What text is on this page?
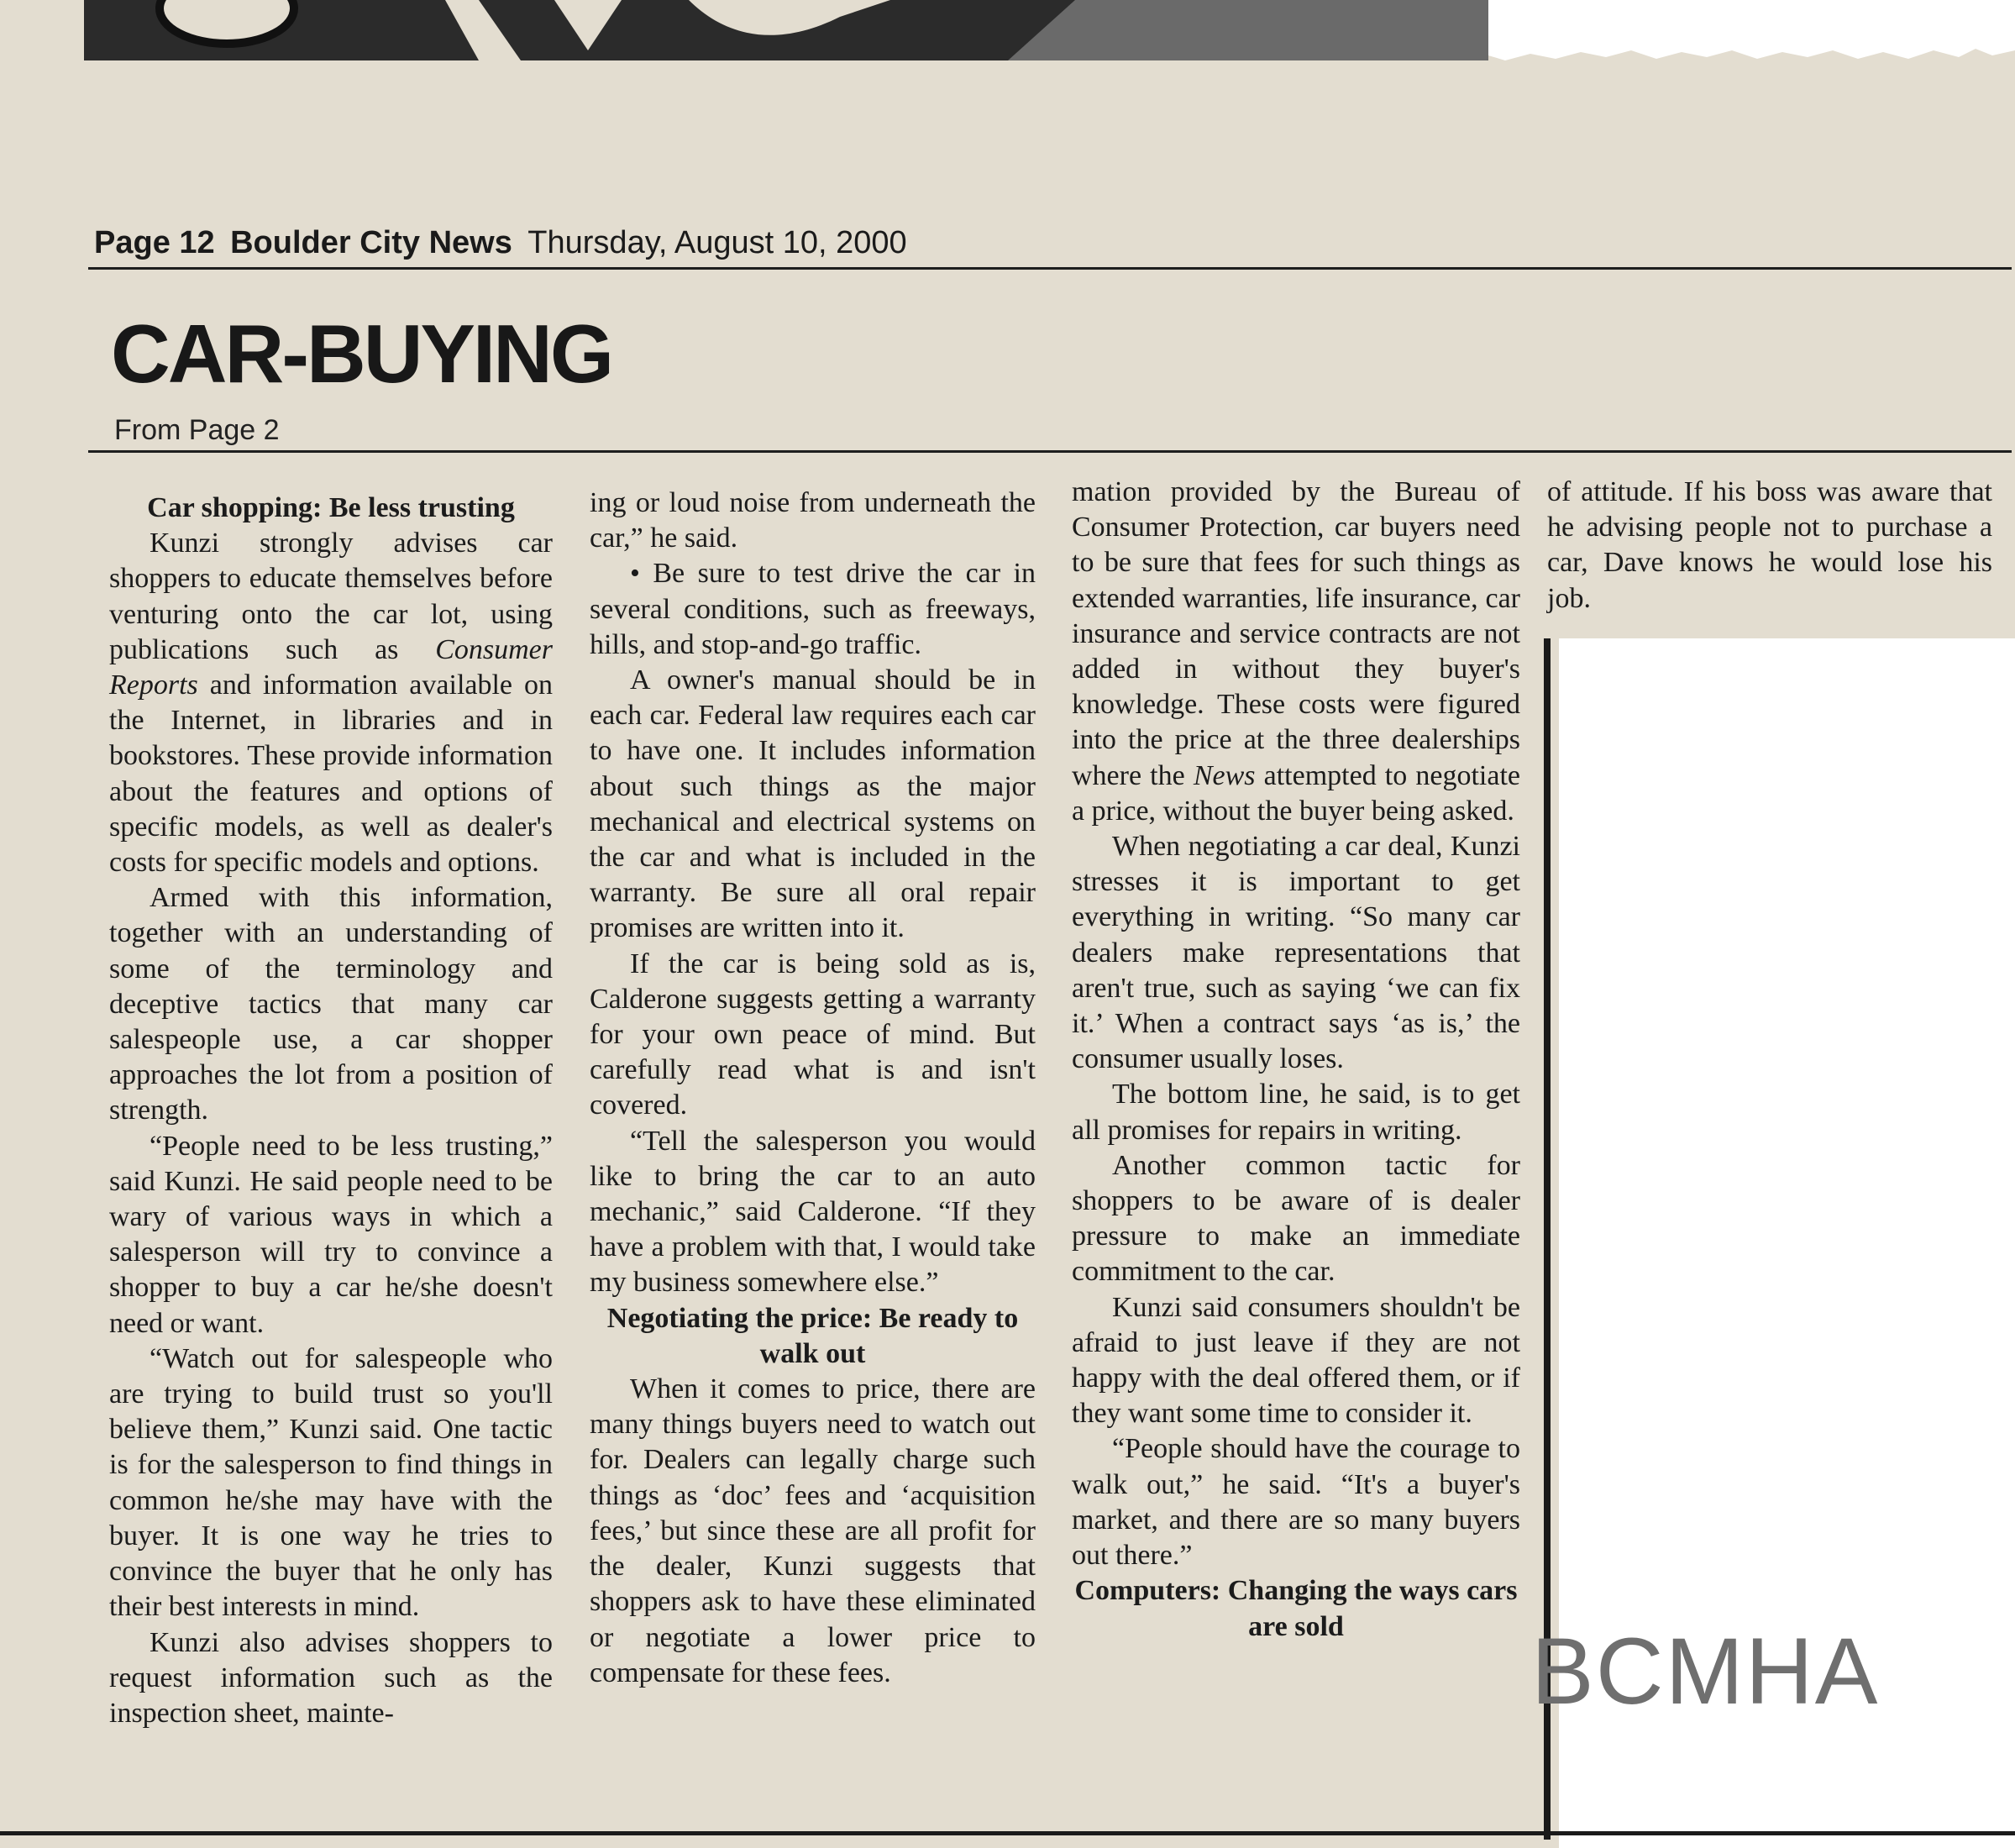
Page 12 Boulder City News Thursday, August 10, 2000
CAR-BUYING
From Page 2
Car shopping: Be less trusting

Kunzi strongly advises car shoppers to educate themselves before venturing onto the car lot, using publications such as Consumer Reports and information available on the Internet, in libraries and in bookstores. These provide information about the features and options of specific models, as well as dealer's costs for specific models and options.

Armed with this information, together with an understanding of some of the terminology and deceptive tactics that many car salespeople use, a car shopper approaches the lot from a position of strength.

“People need to be less trusting,” said Kunzi. He said people need to be wary of various ways in which a salesperson will try to convince a shopper to buy a car he/she doesn't need or want.

“Watch out for salespeople who are trying to build trust so you'll believe them,” Kunzi said. One tactic is for the salesperson to find things in common he/she may have with the buyer. It is one way he tries to convince the buyer that he only has their best interests in mind.

Kunzi also advises shoppers to request information such as the inspection sheet, mainte-

ing or loud noise from underneath the car,” he said.

• Be sure to test drive the car in several conditions, such as freeways, hills, and stop-and-go traffic.

A owner's manual should be in each car. Federal law requires each car to have one. It includes information about such things as the major mechanical and electrical systems on the car and what is included in the warranty. Be sure all oral repair promises are written into it.

If the car is being sold as is, Calderone suggests getting a warranty for your own peace of mind. But carefully read what is and isn't covered.

“Tell the salesperson you would like to bring the car to an auto mechanic,” said Calderone. “If they have a problem with that, I would take my business somewhere else.”

Negotiating the price: Be ready to walk out

When it comes to price, there are many things buyers need to watch out for. Dealers can legally charge such things as ‘doc’ fees and ‘acquisition fees,’ but since these are all profit for the dealer, Kunzi suggests that shoppers ask to have these eliminated or negotiate a lower price to compensate for these fees.

mation provided by the Bureau of Consumer Protection, car buyers need to be sure that fees for such things as extended warranties, life insurance, car insurance and service contracts are not added in without they buyer's knowledge. These costs were figured into the price at the three dealerships where the News attempted to negotiate a price, without the buyer being asked.

When negotiating a car deal, Kunzi stresses it is important to get everything in writing. “So many car dealers make representations that aren't true, such as saying ‘we can fix it.’ When a contract says ‘as is,’ the consumer usually loses.

The bottom line, he said, is to get all promises for repairs in writing.

Another common tactic for shoppers to be aware of is dealer pressure to make an immediate commitment to the car.

Kunzi said consumers shouldn't be afraid to just leave if they are not happy with the deal offered them, or if they want some time to consider it.

“People should have the courage to walk out,” he said. “It's a buyer's market, and there are so many buyers out there.”

Computers: Changing the ways cars are sold

of attitude. If his boss was aware that he advising people not to purchase a car, Dave knows he would lose his job.

BCMHA
